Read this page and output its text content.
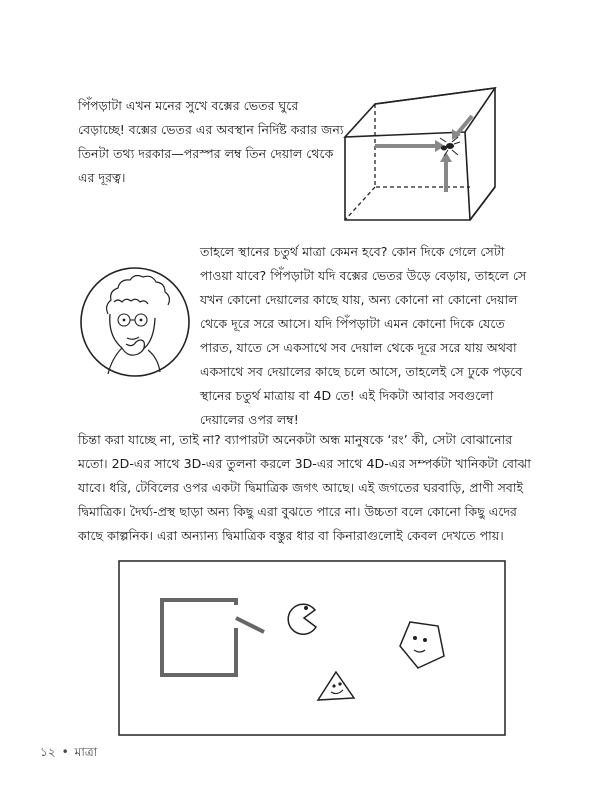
পিঁপড়াটা এখন মনের সুখে বক্সের ভেতর ঘুরে বেড়াচ্ছে! বক্সের ভেতর এর অবস্থান নির্দিষ্ট করার জন্য তিনটা তথ্য দরকার—পরস্পর লম্ব তিন দেয়াল থেকে এর দূরত্ব।

তাহলে স্থানের চতুর্থ মাত্রা কেমন হবে? কোন দিকে গেলে সেটা পাওয়া যাবে? পিঁপড়াটা যদি বক্সের ভেতর উড়ে বেড়ায়, তাহলে সে যখন কোনো দেয়ালের কাছে যায়, অন্য কোনো না কোনো দেয়াল থেকে দূরে সরে আসে। যদি পিঁপড়াটা এমন কোনো দিকে যেতে পারত, যাতে সে একসাথে সব দেয়াল থেকে দূরে সরে যায় অথবা একসাথে সব দেয়ালের কাছে চলে আসে, তাহলেই সে ঢুকে পড়বে স্থানের চতুর্থ মাত্রায় বা 4D তে! এই দিকটা আবার সবগুলো দেয়ালের ওপর লম্ব!

চিন্তা করা যাচ্ছে না, তাই না? ব্যাপারটা অনেকটা অন্ধ মানুষকে ‘রং’ কী, সেটা বোঝানোর মতো। 2D-এর সাথে 3D-এর তুলনা করলে 3D-এর সাথে 4D-এর সম্পর্কটা খানিকটা বোঝা যাবে। ধরি, টেবিলের ওপর একটা দ্বিমাত্রিক জগৎ আছে। এই জগতের ঘরবাড়ি, প্রাণী সবাই দ্বিমাত্রিক। দৈর্ঘ্য-প্রস্থ ছাড়া অন্য কিছু এরা বুঝতে পারে না। উচ্চতা বলে কোনো কিছু এদের কাছে কাল্পনিক। এরা অন্যান্য দ্বিমাত্রিক বস্তুর ধার বা কিনারাগুলোই কেবল দেখতে পায়।

১২ • মাত্রা
